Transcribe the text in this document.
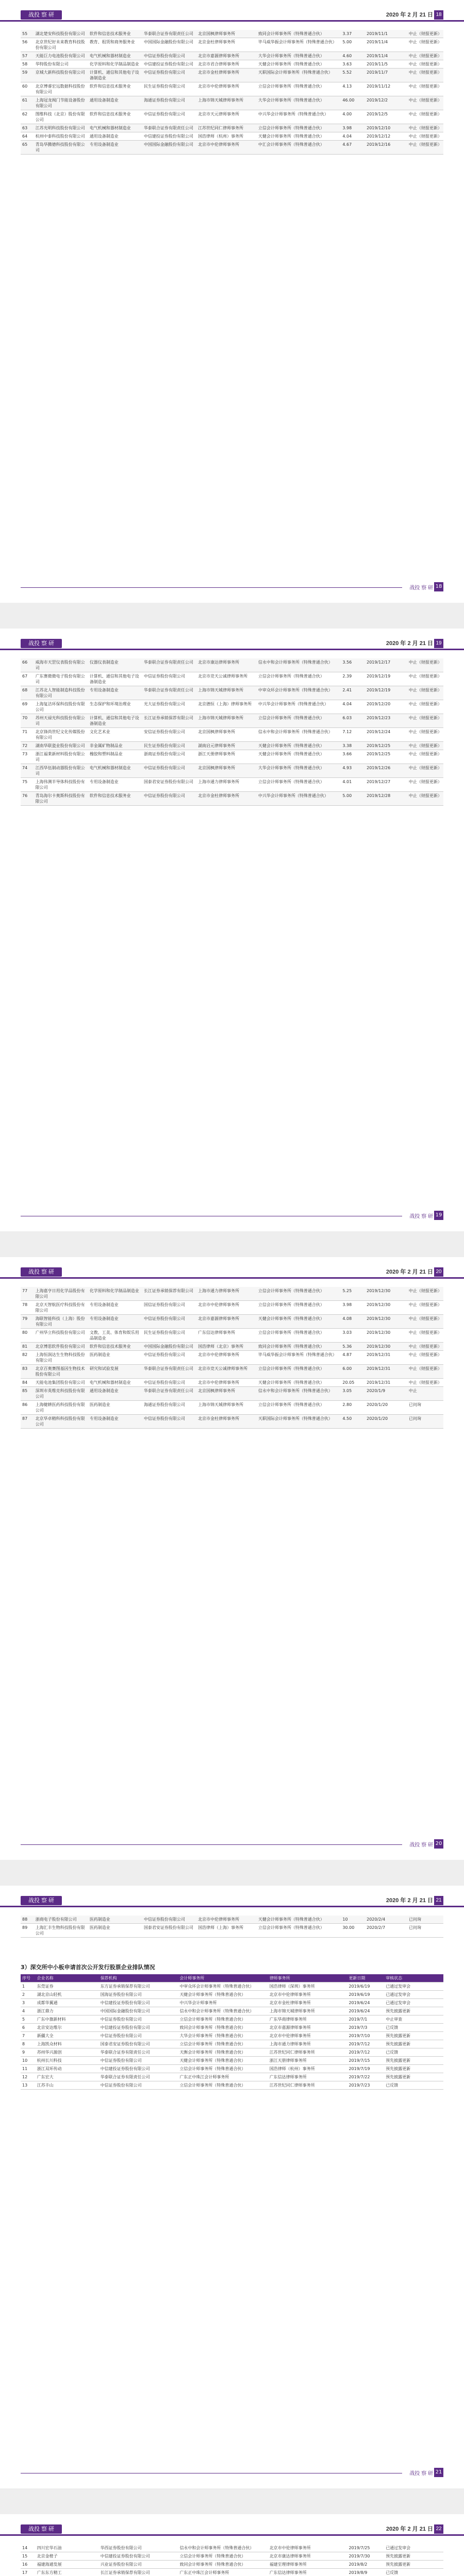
战投 察 研	2020 年 2 月 21 日 18
55	湖北楚安科技股份有限公司	软件和信息技术服务业	华泰联合证券有限责任公司	北京国枫律师事务所	致同会计师事务所（特殊普通合伙）	3.37	2019/11/1	中止（财报更新）
56	北京世纪好未来教育科技股份有限公司	教育、租赁和商务服务业	中国国际金融股份有限公司	北京金杜律师事务所	毕马威华振会计师事务所（特殊普通合伙）	5.00	2019/11/4	中止（财报更新）
57	天能巨力电池股份有限公司	电气机械和器材制造业	中信证券股份有限公司	北京市嘉源律师事务所	大华会计师事务所（特殊普通合伙）	4.60	2019/11/4	中止（财报更新）
58	华特股份有限公司	化学原料和化学制品制造业	中信建投证券股份有限公司	北京市君合律师事务所	天健会计师事务所（特殊普通合伙）	3.63	2019/11/5	中止（财报更新）
59	京城大新科技股份有限公司	计算机、通信和其他电子设备制造业	中信证券股份有限公司	北京市金杜律师事务所	天职国际会计师事务所（特殊普通合伙）	5.52	2019/11/7	中止（财报更新）
60	北京博睿宏远数据科技股份有限公司	软件和信息技术服务业	民生证券股份有限公司	北京市中伦律师事务所	立信会计师事务所（特殊普通合伙）	4.13	2019/11/12	中止（财报更新）
61	上海冠龙阀门节能设备股份有限公司	通用设备制造业	海通证券股份有限公司	上海市锦天城律师事务所	大华会计师事务所（特殊普通合伙）	46.00	2019/12/2	中止（财报更新）
62	图维科技（北京）股份有限公司	软件和信息技术服务业	中信证券股份有限公司	北京市天元律师事务所	中兴华会计师事务所（特殊普通合伙）	4.00	2019/12/5	中止（财报更新）
63	江苏光明科技股份有限公司	电气机械和器材制造业	华泰联合证券有限责任公司	江苏世纪同仁律师事务所	立信会计师事务所（特殊普通合伙）	3.98	2019/12/10	中止（财报更新）
64	杭州中泰科技股份有限公司	通用设备制造业	中信建投证券股份有限公司	国浩律师（杭州）事务所	天健会计师事务所（特殊普通合伙）	4.04	2019/12/12	中止（财报更新）
65	青岛华腾德科技股份有限公司	专用设备制造业	中国国际金融股份有限公司	北京市中伦律师事务所	中汇会计师事务所（特殊普通合伙）	4.67	2019/12/16	中止（财报更新）
战投 察 研 18
战投 察 研	2020 年 2 月 21 日 19
66	威海市天罡仪表股份有限公司	仪器仪表制造业	华泰联合证券有限责任公司	北京市康达律师事务所	信永中和会计师事务所（特殊普通合伙）	3.56	2019/12/17	中止（财报更新）
67	广东赛微微电子股份有限公司	计算机、通信和其他电子设备制造业	中信证券股份有限公司	北京市竞天公诚律师事务所	立信会计师事务所（特殊普通合伙）	2.39	2019/12/19	中止（财报更新）
68	江苏北人智能制造科技股份有限公司	专用设备制造业	华泰联合证券有限责任公司	上海市锦天城律师事务所	中审众环会计师事务所（特殊普通合伙）	2.41	2019/12/19	中止（财报更新）
69	上海复洁环保科技股份有限公司	生态保护和环境治理业	光大证券股份有限公司	北京德恒（上海）律师事务所	中兴华会计师事务所（特殊普通合伙）	4.04	2019/12/20	中止（财报更新）
70	苏州天禄光科技股份有限公司	计算机、通信和其他电子设备制造业	长江证券承销保荐有限公司	上海市锦天城律师事务所	立信会计师事务所（特殊普通合伙）	6.03	2019/12/23	中止（财报更新）
71	北京锋尚世纪文化传媒股份有限公司	文化艺术业	安信证券股份有限公司	北京国枫律师事务所	信永中和会计师事务所（特殊普通合伙）	7.12	2019/12/24	中止（财报更新）
72	湖南华联瓷业股份有限公司	非金属矿物制品业	民生证券股份有限公司	湖南启元律师事务所	天健会计师事务所（特殊普通合伙）	3.38	2019/12/25	中止（财报更新）
73	浙江福莱新材料股份有限公司	橡胶和塑料制品业	浙商证券股份有限公司	浙江天册律师事务所	天健会计师事务所（特殊普通合伙）	3.66	2019/12/25	中止（财报更新）
74	江西华伍制动器股份有限公司	电气机械和器材制造业	中信证券股份有限公司	北京国枫律师事务所	大华会计师事务所（特殊普通合伙）	4.93	2019/12/26	中止（财报更新）
75	上海伟测半导体科技股份有限公司	专用设备制造业	国泰君安证券股份有限公司	上海市通力律师事务所	立信会计师事务所（特殊普通合伙）	4.01	2019/12/27	中止（财报更新）
76	青岛海尔卡奥斯科技股份有限公司	软件和信息技术服务业	中信证券股份有限公司	北京市金杜律师事务所	中兴华会计师事务所（特殊普通合伙）	5.00	2019/12/28	中止（财报更新）
战投 察 研 19
战投 察 研	2020 年 2 月 21 日 20
77	上海嘉亨日用化学品股份有限公司	化学原料和化学制品制造业	长江证券承销保荐有限公司	上海市通力律师事务所	立信会计师事务所（特殊普通合伙）	5.25	2019/12/30	中止（财报更新）
78	北京天智航医疗科技股份有限公司	专用设备制造业	国信证券股份有限公司	北京市中伦律师事务所	立信会计师事务所（特殊普通合伙）	3.98	2019/12/30	中止（财报更新）
79	海联智能科技（上海）股份有限公司	专用设备制造业	中信证券股份有限公司	北京市嘉源律师事务所	天健会计师事务所（特殊普通合伙）	4.08	2019/12/30	中止（财报更新）
80	广州华立科技股份有限公司	文教、工美、体育和娱乐用品制造业	民生证券股份有限公司	广东信达律师事务所	立信会计师事务所（特殊普通合伙）	3.03	2019/12/30	中止（财报更新）
81	北京博思软件股份有限公司	软件和信息技术服务业	中国国际金融股份有限公司	国浩律师（北京）事务所	致同会计师事务所（特殊普通合伙）	5.36	2019/12/30	中止（财报更新）
82	上海恒润达生生物科技股份有限公司	医药制造业	中信证券股份有限公司	北京市中伦律师事务所	毕马威华振会计师事务所（特殊普通合伙）	4.87	2019/12/31	中止（财报更新）
83	北京百奥赛图基因生物技术股份有限公司	研究和试验发展	华泰联合证券有限责任公司	北京市竞天公诚律师事务所	立信会计师事务所（特殊普通合伙）	6.00	2019/12/31	中止（财报更新）
84	天能电池集团股份有限公司	电气机械和器材制造业	中信证券股份有限公司	北京市中伦律师事务所	天健会计师事务所（特殊普通合伙）	20.05	2019/12/31	中止（财报更新）
85	深圳市英维克科技股份有限公司	通用设备制造业	华泰联合证券有限责任公司	北京国枫律师事务所	信永中和会计师事务所（特殊普通合伙）	3.05	2020/1/9	中止
86	上海健耕医药科技股份有限公司	医药制造业	海通证券股份有限公司	上海市锦天城律师事务所	立信会计师事务所（特殊普通合伙）	2.80	2020/1/20	已问询
87	北京华卓精科科技股份有限公司	专用设备制造业	中信证券股份有限公司	北京市金杜律师事务所	天职国际会计师事务所（特殊普通合伙）	4.50	2020/1/20	已问询
战投 察 研 20
战投 察 研	2020 年 2 月 21 日 21
88	浙商电子股份有限公司	医药制造业	中信证券股份有限公司	北京市中伦律师事务所	天健会计师事务所（特殊普通合伙）	10	2020/2/4	已问询
89	上海汇丰生物科技股份有限公司	医药制造业	国泰君安证券股份有限公司	国浩律师（上海）事务所	立信会计师事务所（特殊普通合伙）	30.00	2020/2/7	已问询
3）深交所中小板申请首次公开发行股票企业排队情况
序号	企业名称	保荐机构	会计师事务所	律师事务所	更新日期	审核状态
1	东莞证券	东方证券承销保荐有限公司	中审众环会计师事务所（特殊普通合伙）	国浩律师（深圳）事务所	2019/6/19	已通过发审会
2	湖北京山轻机	国海证券股份有限公司	天健会计师事务所（特殊普通合伙）	北京市中伦律师事务所	2019/6/19	已通过发审会
3	成都华翼通	中信建投证券股份有限公司	中兴华会计师事务所	北京市金杜律师事务所	2019/6/24	已通过发审会
4	浙江鼎力	中国国际金融股份有限公司	信永中和会计师事务所（特殊普通合伙）	上海市锦天城律师事务所	2019/6/24	预先披露更新
5	广东中旗新材料	中信证券股份有限公司	立信会计师事务所（特殊普通合伙）	广东华商律师事务所	2019/7/1	中止审查
6	北京安达维尔	中信建投证券股份有限公司	致同会计师事务所（特殊普通合伙）	北京市嘉源律师事务所	2019/7/3	已反馈
7	新疆大全	中信证券股份有限公司	大华会计师事务所（特殊普通合伙）	北京市中伦律师事务所	2019/7/10	预先披露更新
8	上海凯众材料	国泰君安证券股份有限公司	立信会计师事务所（特殊普通合伙）	上海市通力律师事务所	2019/7/12	预先披露更新
9	苏州华兴源创	华泰联合证券有限责任公司	天衡会计师事务所（特殊普通合伙）	江苏世纪同仁律师事务所	2019/7/12	已反馈
10	杭州长川科技	中信证券股份有限公司	天健会计师事务所（特殊普通合伙）	浙江天册律师事务所	2019/7/15	预先披露更新
11	浙江双环传动	中信建投证券股份有限公司	立信会计师事务所（特殊普通合伙）	国浩律师（杭州）事务所	2019/7/19	预先披露更新
12	广东宏大	华泰联合证券有限责任公司	广东正中珠江会计师事务所	广东信达律师事务所	2019/7/22	预先披露更新
13	江苏丰山	中信证券股份有限公司	立信会计师事务所（特殊普通合伙）	江苏世纪同仁律师事务所	2019/7/23	已反馈
战投 察 研 21
战投 察 研	2020 年 2 月 21 日 22
14	四川宏华石油	华西证券股份有限公司	信永中和会计师事务所（特殊普通合伙）	北京市中伦律师事务所	2019/7/25	已通过发审会
15	北京金橙子	中信建投证券股份有限公司	立信会计师事务所（特殊普通合伙）	北京市康达律师事务所	2019/7/30	预先披露更新
16	福建海通发展	兴业证券股份有限公司	致同会计师事务所（特殊普通合伙）	福建至理律师事务所	2019/8/2	预先披露更新
17	广东东方精工	长江证券承销保荐有限公司	广东正中珠江会计师事务所	广东信达律师事务所	2019/8/9	已反馈
